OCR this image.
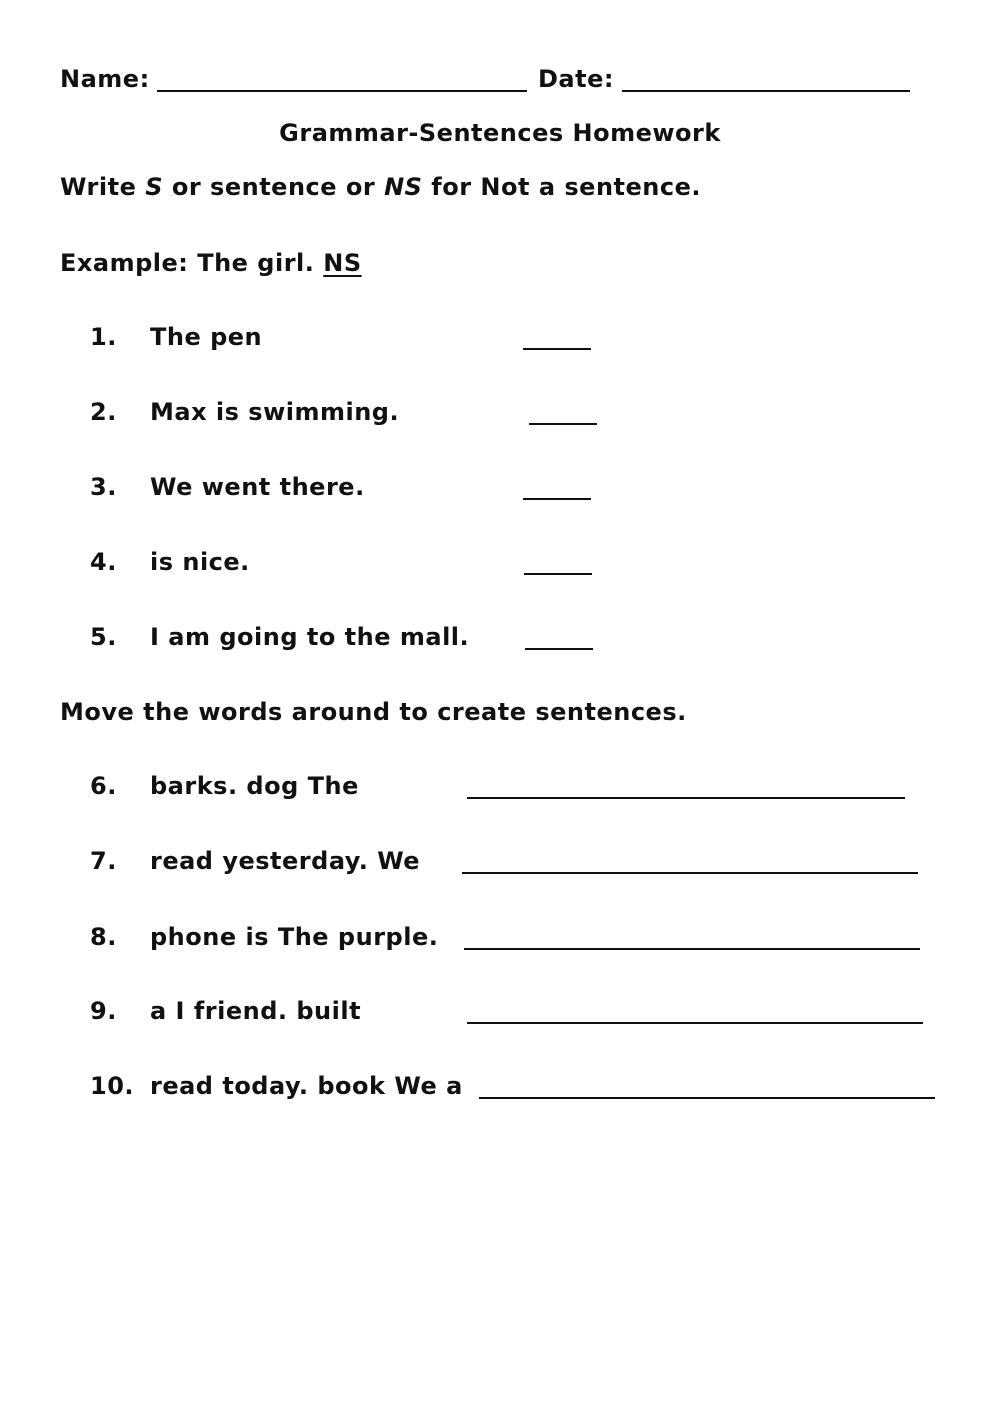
Name:	Date:
Grammar-Sentences Homework
Write S or sentence or NS for Not a sentence.
Example: The girl. NS
1. The pen
2. Max is swimming.
3. We went there.
4. is nice.
5. I am going to the mall.
Move the words around to create sentences.
6. barks. dog The
7. read yesterday. We
8. phone is The purple.
9. a I friend. built
10. read today. book We a
